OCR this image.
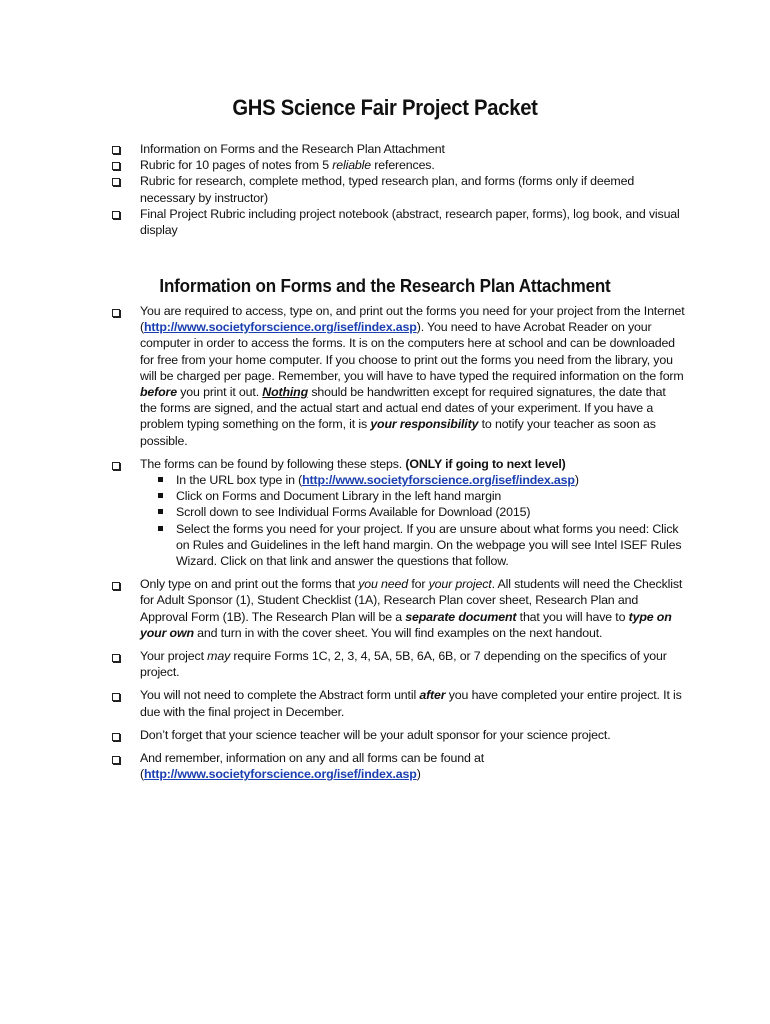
GHS Science Fair Project Packet
Information on Forms and the Research Plan Attachment
Rubric for 10 pages of notes from 5 reliable references.
Rubric for research, complete method, typed research plan, and forms (forms only if deemed necessary by instructor)
Final Project Rubric including project notebook (abstract, research paper, forms), log book, and visual display
Information on Forms and the Research Plan Attachment
You are required to access, type on, and print out the forms you need for your project from the Internet (http://www.societyforscience.org/isef/index.asp). You need to have Acrobat Reader on your computer in order to access the forms. It is on the computers here at school and can be downloaded for free from your home computer. If you choose to print out the forms you need from the library, you will be charged per page. Remember, you will have to have typed the required information on the form before you print it out. Nothing should be handwritten except for required signatures, the date that the forms are signed, and the actual start and actual end dates of your experiment. If you have a problem typing something on the form, it is your responsibility to notify your teacher as soon as possible.
The forms can be found by following these steps. (ONLY if going to next level)
In the URL box type in (http://www.societyforscience.org/isef/index.asp)
Click on Forms and Document Library in the left hand margin
Scroll down to see Individual Forms Available for Download (2015)
Select the forms you need for your project. If you are unsure about what forms you need: Click on Rules and Guidelines in the left hand margin. On the webpage you will see Intel ISEF Rules Wizard. Click on that link and answer the questions that follow.
Only type on and print out the forms that you need for your project. All students will need the Checklist for Adult Sponsor (1), Student Checklist (1A), Research Plan cover sheet, Research Plan and Approval Form (1B). The Research Plan will be a separate document that you will have to type on your own and turn in with the cover sheet. You will find examples on the next handout.
Your project may require Forms 1C, 2, 3, 4, 5A, 5B, 6A, 6B, or 7 depending on the specifics of your project.
You will not need to complete the Abstract form until after you have completed your entire project. It is due with the final project in December.
Don’t forget that your science teacher will be your adult sponsor for your science project.
And remember, information on any and all forms can be found at (http://www.societyforscience.org/isef/index.asp)
